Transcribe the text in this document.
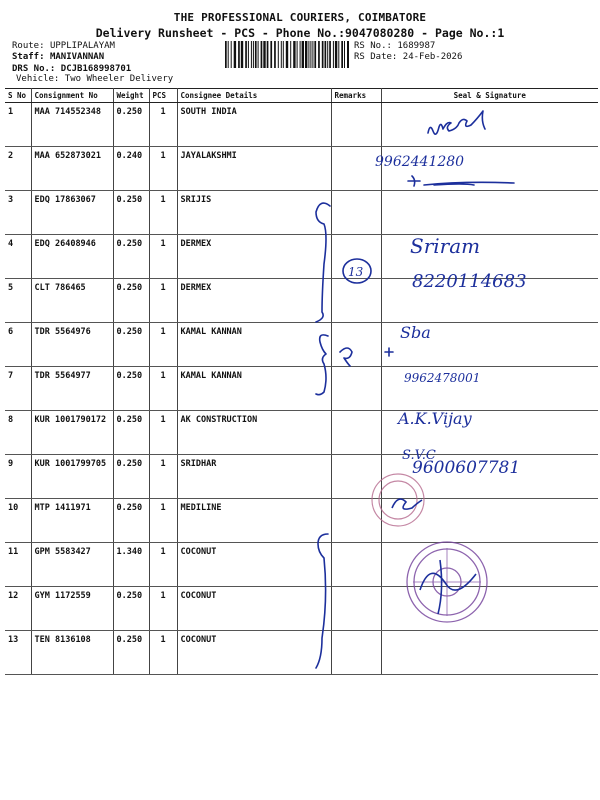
THE PROFESSIONAL COURIERS, COIMBATORE
Delivery Runsheet - PCS - Phone No.:9047080280 - Page No.:1
Route: UPPLIPALAYAM
Staff: MANIVANNAN
DRS No.: DCJB168998701
Vehicle: Two Wheeler Delivery
RS No.: 1689987
RS Date: 24-Feb-2026
S No	Consignment No	Weight	PCS	Consignee Details	Remarks	Seal & Signature
1	MAA 714552348	0.250	1	SOUTH INDIA		
2	MAA 652873021	0.240	1	JAYALAKSHMI		
3	EDQ 17863067	0.250	1	SRIJIS		
4	EDQ 26408946	0.250	1	DERMEX		
5	CLT 786465	0.250	1	DERMEX		
6	TDR 5564976	0.250	1	KAMAL KANNAN		
7	TDR 5564977	0.250	1	KAMAL KANNAN		
8	KUR 1001790172	0.250	1	AK CONSTRUCTION		
9	KUR 1001799705	0.250	1	SRIDHAR		
10	MTP 1411971	0.250	1	MEDILINE		
11	GPM 5583427	1.340	1	COCONUT		
12	GYM 1172559	0.250	1	COCONUT		
13	TEN 8136108	0.250	1	COCONUT		
9962441280
Sriram
8220114683
13
Sba
9962478001
A.K.Vijay
S.V.C
9600607781
